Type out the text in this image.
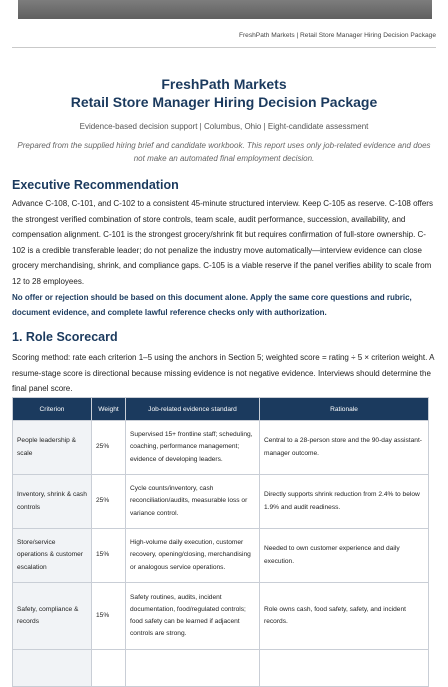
FreshPath Markets | Retail Store Manager Hiring Decision Package
FreshPath Markets
Retail Store Manager Hiring Decision Package
Evidence-based decision support | Columbus, Ohio | Eight-candidate assessment
Prepared from the supplied hiring brief and candidate workbook. This report uses only job-related evidence and does not make an automated final employment decision.
Executive Recommendation
Advance C-108, C-101, and C-102 to a consistent 45-minute structured interview. Keep C-105 as reserve. C-108 offers the strongest verified combination of store controls, team scale, audit performance, succession, availability, and compensation alignment. C-101 is the strongest grocery/shrink fit but requires confirmation of full-store ownership. C-102 is a credible transferable leader; do not penalize the industry move automatically—interview evidence can close grocery merchandising, shrink, and compliance gaps. C-105 is a viable reserve if the panel verifies ability to scale from 12 to 28 employees.
No offer or rejection should be based on this document alone. Apply the same core questions and rubric, document evidence, and complete lawful reference checks only with authorization.
1. Role Scorecard
Scoring method: rate each criterion 1–5 using the anchors in Section 5; weighted score = rating ÷ 5 × criterion weight. A resume-stage score is directional because missing evidence is not negative evidence. Interviews should determine the final panel score.
Criterion	Weight	Job-related evidence standard	Rationale
People leadership & scale	25%	Supervised 15+ frontline staff; scheduling, coaching, performance management; evidence of developing leaders.	Central to a 28-person store and the 90-day assistant-manager outcome.
Inventory, shrink & cash controls	25%	Cycle counts/inventory, cash reconciliation/audits, measurable loss or variance control.	Directly supports shrink reduction from 2.4% to below 1.9% and audit readiness.
Store/service operations & customer escalation	15%	High-volume daily execution, customer recovery, opening/closing, merchandising or analogous service operations.	Needed to own customer experience and daily execution.
Safety, compliance & records	15%	Safety routines, audits, incident documentation, food/regulated controls; food safety can be learned if adjacent controls are strong.	Role owns cash, food safety, safety, and incident records.
